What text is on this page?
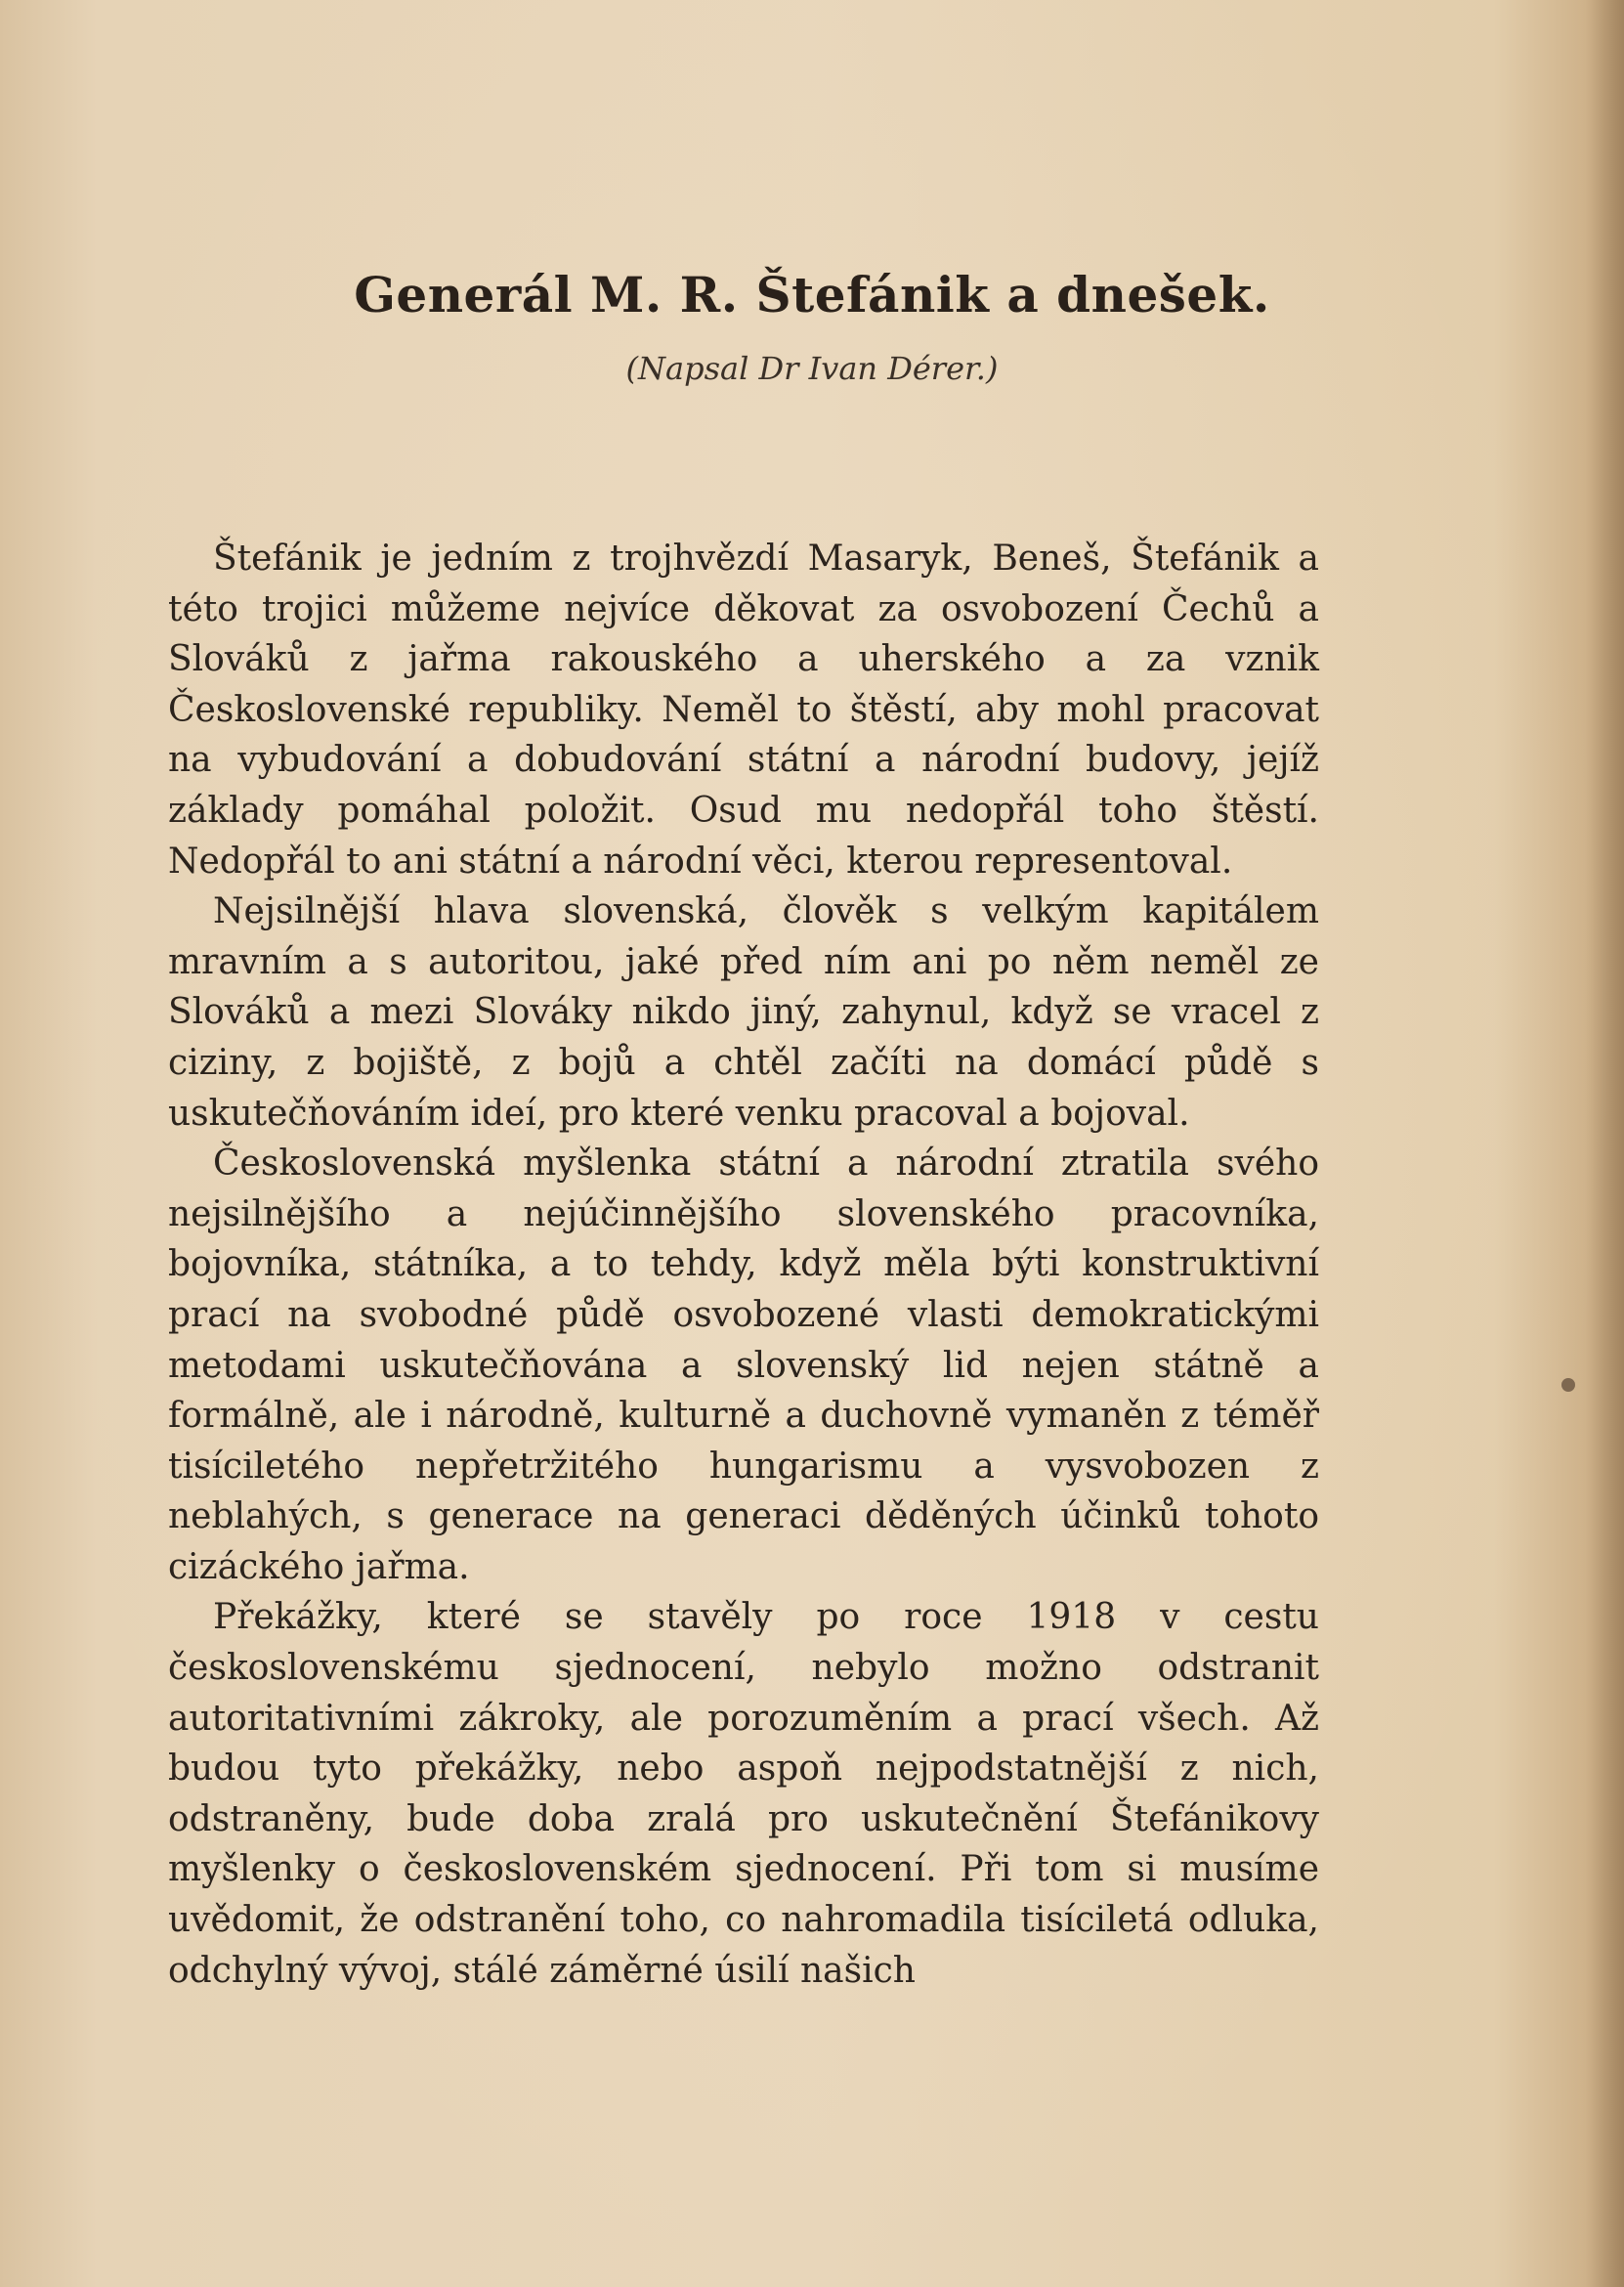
Generál M. R. Štefánik a dnešek.

(Napsal Dr Ivan Dérer.)

Štefánik je jedním z trojhvězdí Masaryk, Beneš, Štefánik a této trojici můžeme nejvíce děkovat za osvobození Čechů a Slováků z jařma rakouského a uherského a za vznik Československé republiky. Neměl to štěstí, aby mohl pracovat na vybudování a dobudování státní a národní budovy, jejíž základy pomáhal položit. Osud mu nedopřál toho štěstí. Nedopřál to ani státní a národní věci, kterou representoval.

Nejsilnější hlava slovenská, člověk s velkým kapitálem mravním a s autoritou, jaké před ním ani po něm neměl ze Slováků a mezi Slováky nikdo jiný, zahynul, když se vracel z ciziny, z bojiště, z bojů a chtěl začíti na domácí půdě s uskutečňováním ideí, pro které venku pracoval a bojoval.

Československá myšlenka státní a národní ztratila svého nejsilnějšího a nejúčinnějšího slovenského pracovníka, bojovníka, státníka, a to tehdy, když měla býti konstruktivní prací na svobodné půdě osvobozené vlasti demokratickými metodami uskutečňována a slovenský lid nejen státně a formálně, ale i národně, kulturně a duchovně vymaněn z téměř tisíciletého nepřetržitého hungarismu a vysvobozen z neblahých, s generace na generaci děděných účinků tohoto cizáckého jařma.

Překážky, které se stavěly po roce 1918 v cestu československému sjednocení, nebylo možno odstranit autoritativními zákroky, ale porozuměním a prací všech. Až budou tyto překážky, nebo aspoň nejpodstatnější z nich, odstraněny, bude doba zralá pro uskutečnění Štefánikovy myšlenky o československém sjednocení. Při tom si musíme uvědomit, že odstranění toho, co nahromadila tisíciletá odluka, odchylný vývoj, stálé záměrné úsilí našich
